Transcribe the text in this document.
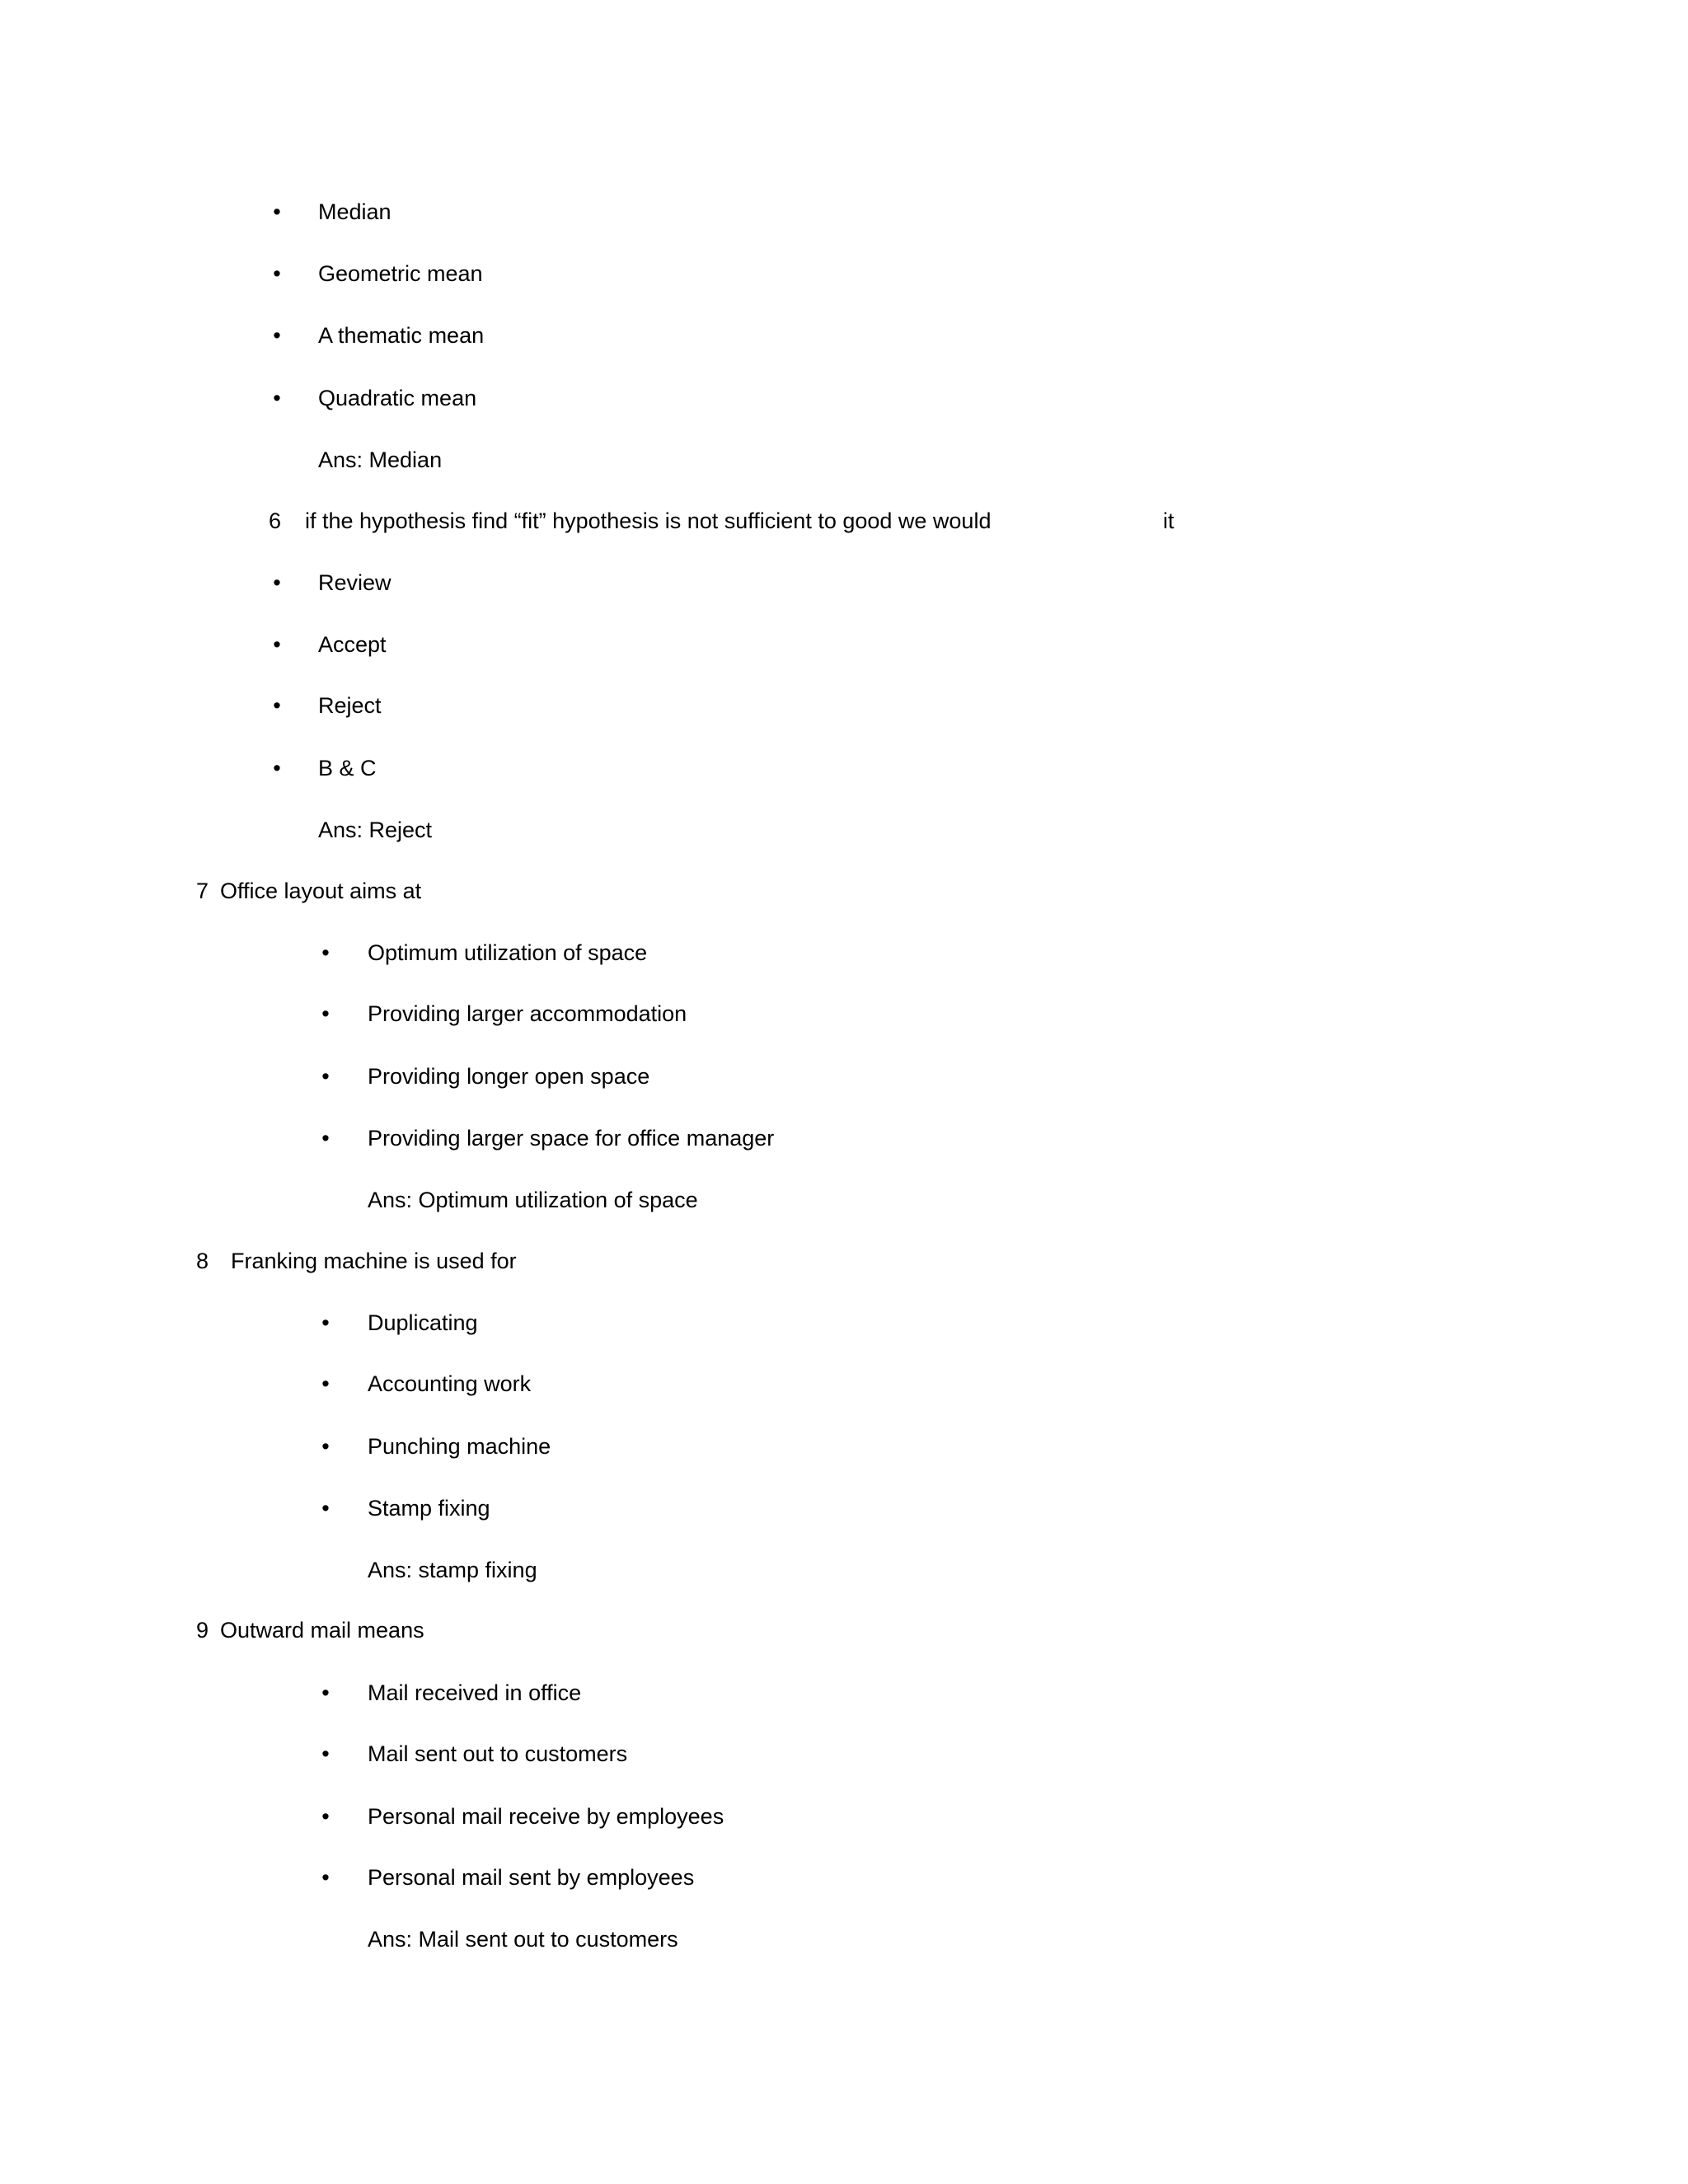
• Median
• Geometric mean
• A thematic mean
• Quadratic mean
Ans: Median
6 if the hypothesis find “fit” hypothesis is not sufficient to good we would	it
• Review
• Accept
• Reject
• B & C
Ans: Reject
7 Office layout aims at
• Optimum utilization of space
• Providing larger accommodation
• Providing longer open space
• Providing larger space for office manager
Ans: Optimum utilization of space
8 Franking machine is used for
• Duplicating
• Accounting work
• Punching machine
• Stamp fixing
Ans: stamp fixing
9 Outward mail means
• Mail received in office
• Mail sent out to customers
• Personal mail receive by employees
• Personal mail sent by employees
Ans: Mail sent out to customers
